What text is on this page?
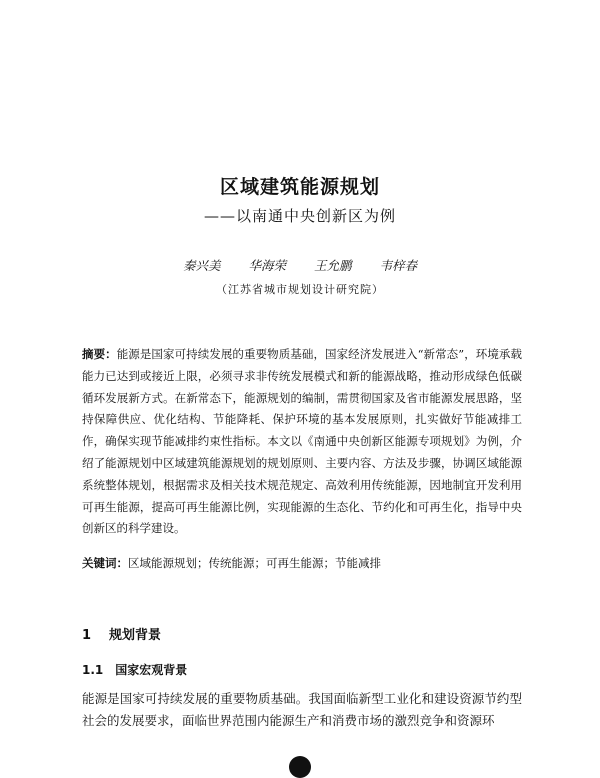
区域建筑能源规划
——以南通中央创新区为例
秦兴美 华海荣 王允鹏 韦梓春
（江苏省城市规划设计研究院）
摘要：能源是国家可持续发展的重要物质基础，国家经济发展进入“新常态”，环境承载能力已达到或接近上限，必须寻求非传统发展模式和新的能源战略，推动形成绿色低碳循环发展新方式。在新常态下，能源规划的编制，需贯彻国家及省市能源发展思路，坚持保障供应、优化结构、节能降耗、保护环境的基本发展原则，扎实做好节能减排工作，确保实现节能减排约束性指标。本文以《南通中央创新区能源专项规划》为例，介绍了能源规划中区域建筑能源规划的规划原则、主要内容、方法及步骤，协调区域能源系统整体规划，根据需求及相关技术规范规定、高效利用传统能源，因地制宜开发利用可再生能源，提高可再生能源比例，实现能源的生态化、节约化和可再生化，指导中央创新区的科学建设。
关键词：区域能源规划；传统能源；可再生能源；节能减排
1 规划背景
1.1 国家宏观背景
能源是国家可持续发展的重要物质基础。我国面临新型工业化和建设资源节约型社会的发展要求，面临世界范围内能源生产和消费市场的激烈竞争和资源环
